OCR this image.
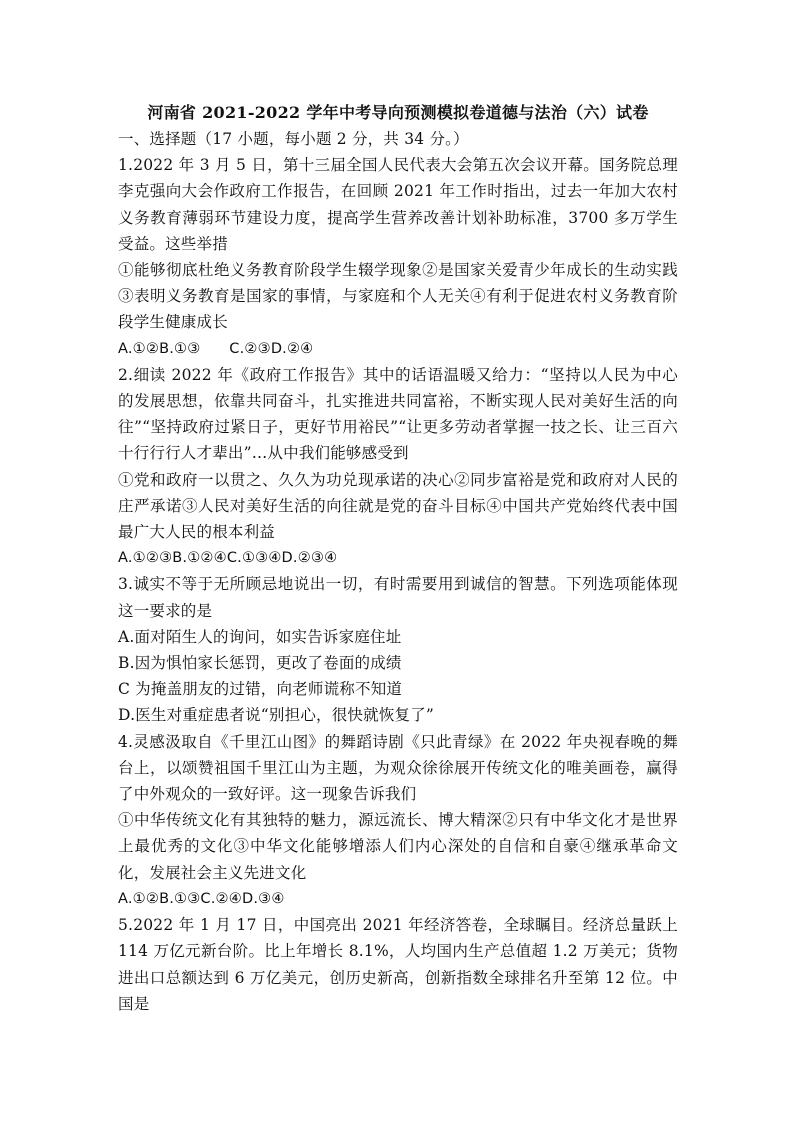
河南省 2021-2022 学年中考导向预测模拟卷道德与法治（六）试卷

一、选择题（17 小题，每小题 2 分，共 34 分。）

1.2022 年 3 月 5 日，第十三届全国人民代表大会第五次会议开幕。国务院总理李克强向大会作政府工作报告，在回顾 2021 年工作时指出，过去一年加大农村义务教育薄弱环节建设力度，提高学生营养改善计划补助标准，3700 多万学生受益。这些举措

①能够彻底杜绝义务教育阶段学生辍学现象②是国家关爱青少年成长的生动实践③表明义务教育是国家的事情，与家庭和个人无关④有利于促进农村义务教育阶段学生健康成长

A.①②B.①③      C.②③D.②④

2.细读 2022 年《政府工作报告》其中的话语温暖又给力：“坚持以人民为中心的发展思想，依靠共同奋斗，扎实推进共同富裕，不断实现人民对美好生活的向往”“坚持政府过紧日子，更好节用裕民”“让更多劳动者掌握一技之长、让三百六十行行行人才辈出”…从中我们能够感受到

①党和政府一以贯之、久久为功兑现承诺的决心②同步富裕是党和政府对人民的庄严承诺③人民对美好生活的向往就是党的奋斗目标④中国共产党始终代表中国最广大人民的根本利益

A.①②③B.①②④C.①③④D.②③④

3.诚实不等于无所顾忌地说出一切，有时需要用到诚信的智慧。下列选项能体现这一要求的是

A.面对陌生人的询问，如实告诉家庭住址

B.因为惧怕家长惩罚，更改了卷面的成绩

C 为掩盖朋友的过错，向老师谎称不知道

D.医生对重症患者说“别担心，很快就恢复了”

4.灵感汲取自《千里江山图》的舞蹈诗剧《只此青绿》在 2022 年央视春晚的舞台上，以颂赞祖国千里江山为主题，为观众徐徐展开传统文化的唯美画卷，赢得了中外观众的一致好评。这一现象告诉我们

①中华传统文化有其独特的魅力，源远流长、博大精深②只有中华文化才是世界上最优秀的文化③中华文化能够增添人们内心深处的自信和自豪④继承革命文化，发展社会主义先进文化

A.①②B.①③C.②④D.③④

5.2022 年 1 月 17 日，中国亮出 2021 年经济答卷，全球瞩目。经济总量跃上 114 万亿元新台阶。比上年增长 8.1%，人均国内生产总值超 1.2 万美元；货物进出口总额达到 6 万亿美元，创历史新高，创新指数全球排名升至第 12 位。中国是
